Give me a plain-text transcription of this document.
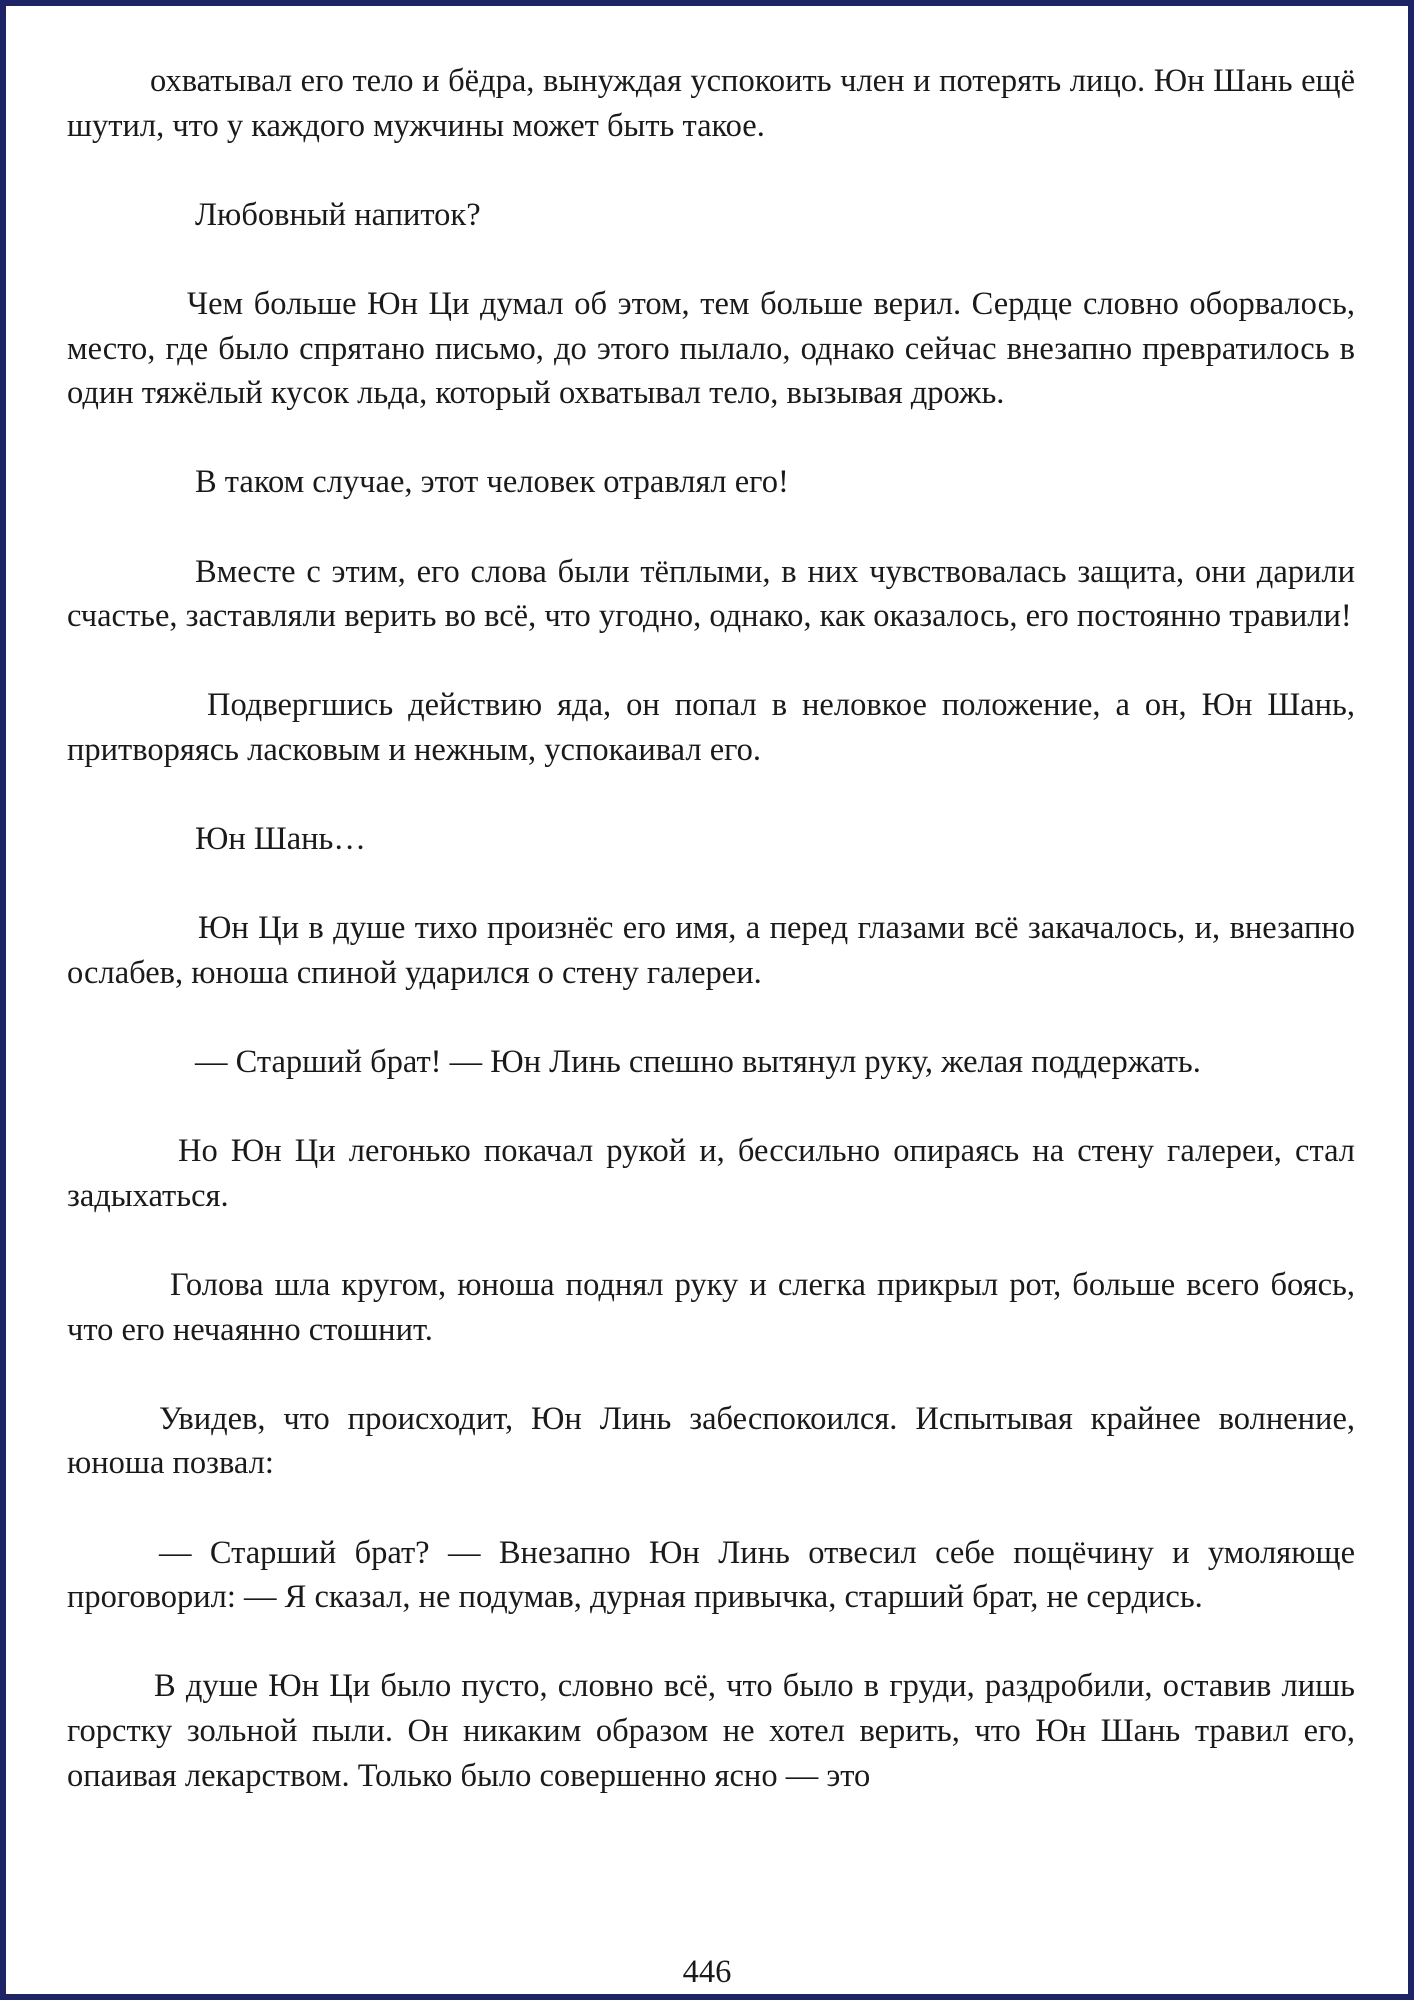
охватывал его тело и бёдра, вынуждая успокоить член и потерять лицо. Юн Шань ещё шутил, что у каждого мужчины может быть такое.

Любовный напиток?

Чем больше Юн Ци думал об этом, тем больше верил. Сердце словно оборвалось, место, где было спрятано письмо, до этого пылало, однако сейчас внезапно превратилось в один тяжёлый кусок льда, который охватывал тело, вызывая дрожь.

В таком случае, этот человек отравлял его!

Вместе с этим, его слова были тёплыми, в них чувствовалась защита, они дарили счастье, заставляли верить во всё, что угодно, однако, как оказалось, его постоянно травили!

Подвергшись действию яда, он попал в неловкое положение, а он, Юн Шань, притворяясь ласковым и нежным, успокаивал его.

Юн Шань…

Юн Ци в душе тихо произнёс его имя, а перед глазами всё закачалось, и, внезапно ослабев, юноша спиной ударился о стену галереи.

— Старший брат! — Юн Линь спешно вытянул руку, желая поддержать.

Но Юн Ци легонько покачал рукой и, бессильно опираясь на стену галереи, стал задыхаться.

Голова шла кругом, юноша поднял руку и слегка прикрыл рот, больше всего боясь, что его нечаянно стошнит.

Увидев, что происходит, Юн Линь забеспокоился. Испытывая крайнее волнение, юноша позвал:

— Старший брат? — Внезапно Юн Линь отвесил себе пощёчину и умоляюще проговорил: — Я сказал, не подумав, дурная привычка, старший брат, не сердись.

В душе Юн Ци было пусто, словно всё, что было в груди, раздробили, оставив лишь горстку зольной пыли. Он никаким образом не хотел верить, что Юн Шань травил его, опаивая лекарством. Только было совершенно ясно — это

446
